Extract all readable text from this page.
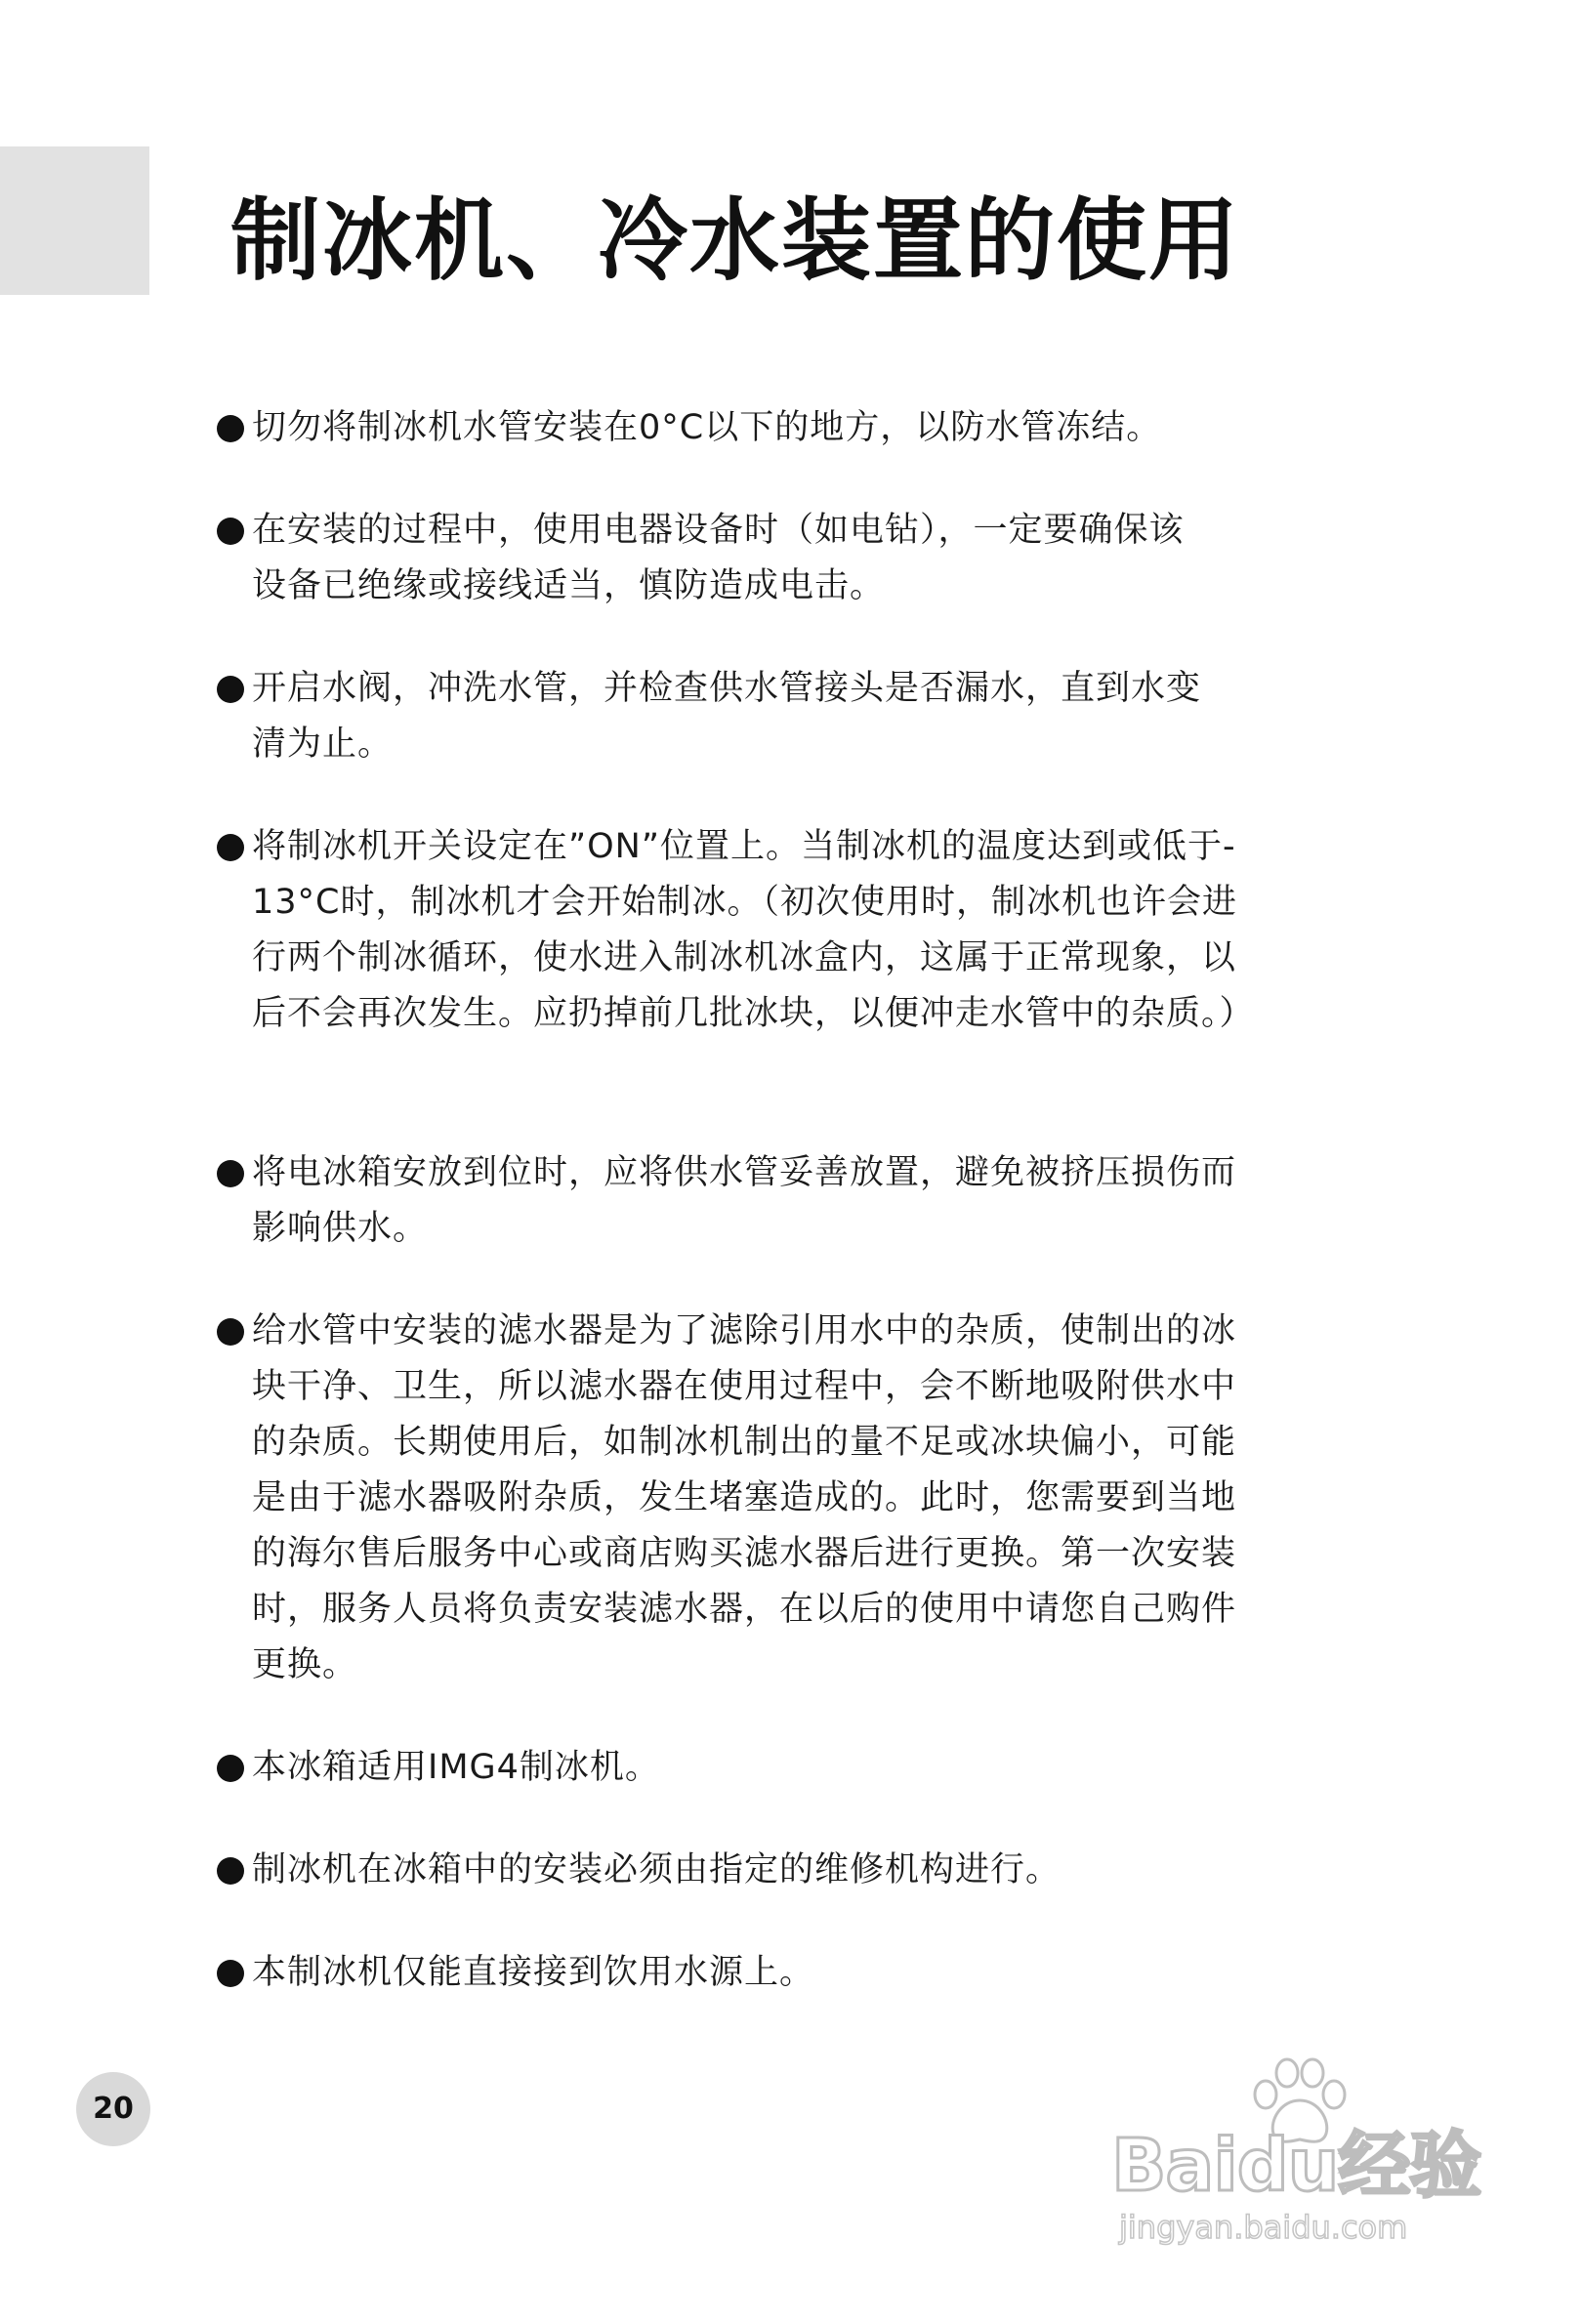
制冰机、冷水装置的使用
切勿将制冰机水管安装在0°C以下的地方，以防水管冻结。
在安装的过程中，使用电器设备时（如电钻），一定要确保该
设备已绝缘或接线适当，慎防造成电击。
开启水阀，冲洗水管，并检查供水管接头是否漏水，直到水变
清为止。
将制冰机开关设定在”ON”位置上。当制冰机的温度达到或低于-
13°C时，制冰机才会开始制冰。（初次使用时，制冰机也许会进
行两个制冰循环，使水进入制冰机冰盒内，这属于正常现象，以
后不会再次发生。应扔掉前几批冰块，以便冲走水管中的杂质。）
将电冰箱安放到位时，应将供水管妥善放置，避免被挤压损伤而
影响供水。
给水管中安装的滤水器是为了滤除引用水中的杂质，使制出的冰
块干净、卫生，所以滤水器在使用过程中，会不断地吸附供水中
的杂质。长期使用后，如制冰机制出的量不足或冰块偏小，可能
是由于滤水器吸附杂质，发生堵塞造成的。此时，您需要到当地
的海尔售后服务中心或商店购买滤水器后进行更换。第一次安装
时，服务人员将负责安装滤水器，在以后的使用中请您自己购件
更换。
本冰箱适用IMG4制冰机。
制冰机在冰箱中的安装必须由指定的维修机构进行。
本制冰机仅能直接接到饮用水源上。
20
Baidu经验
jingyan.baidu.com
